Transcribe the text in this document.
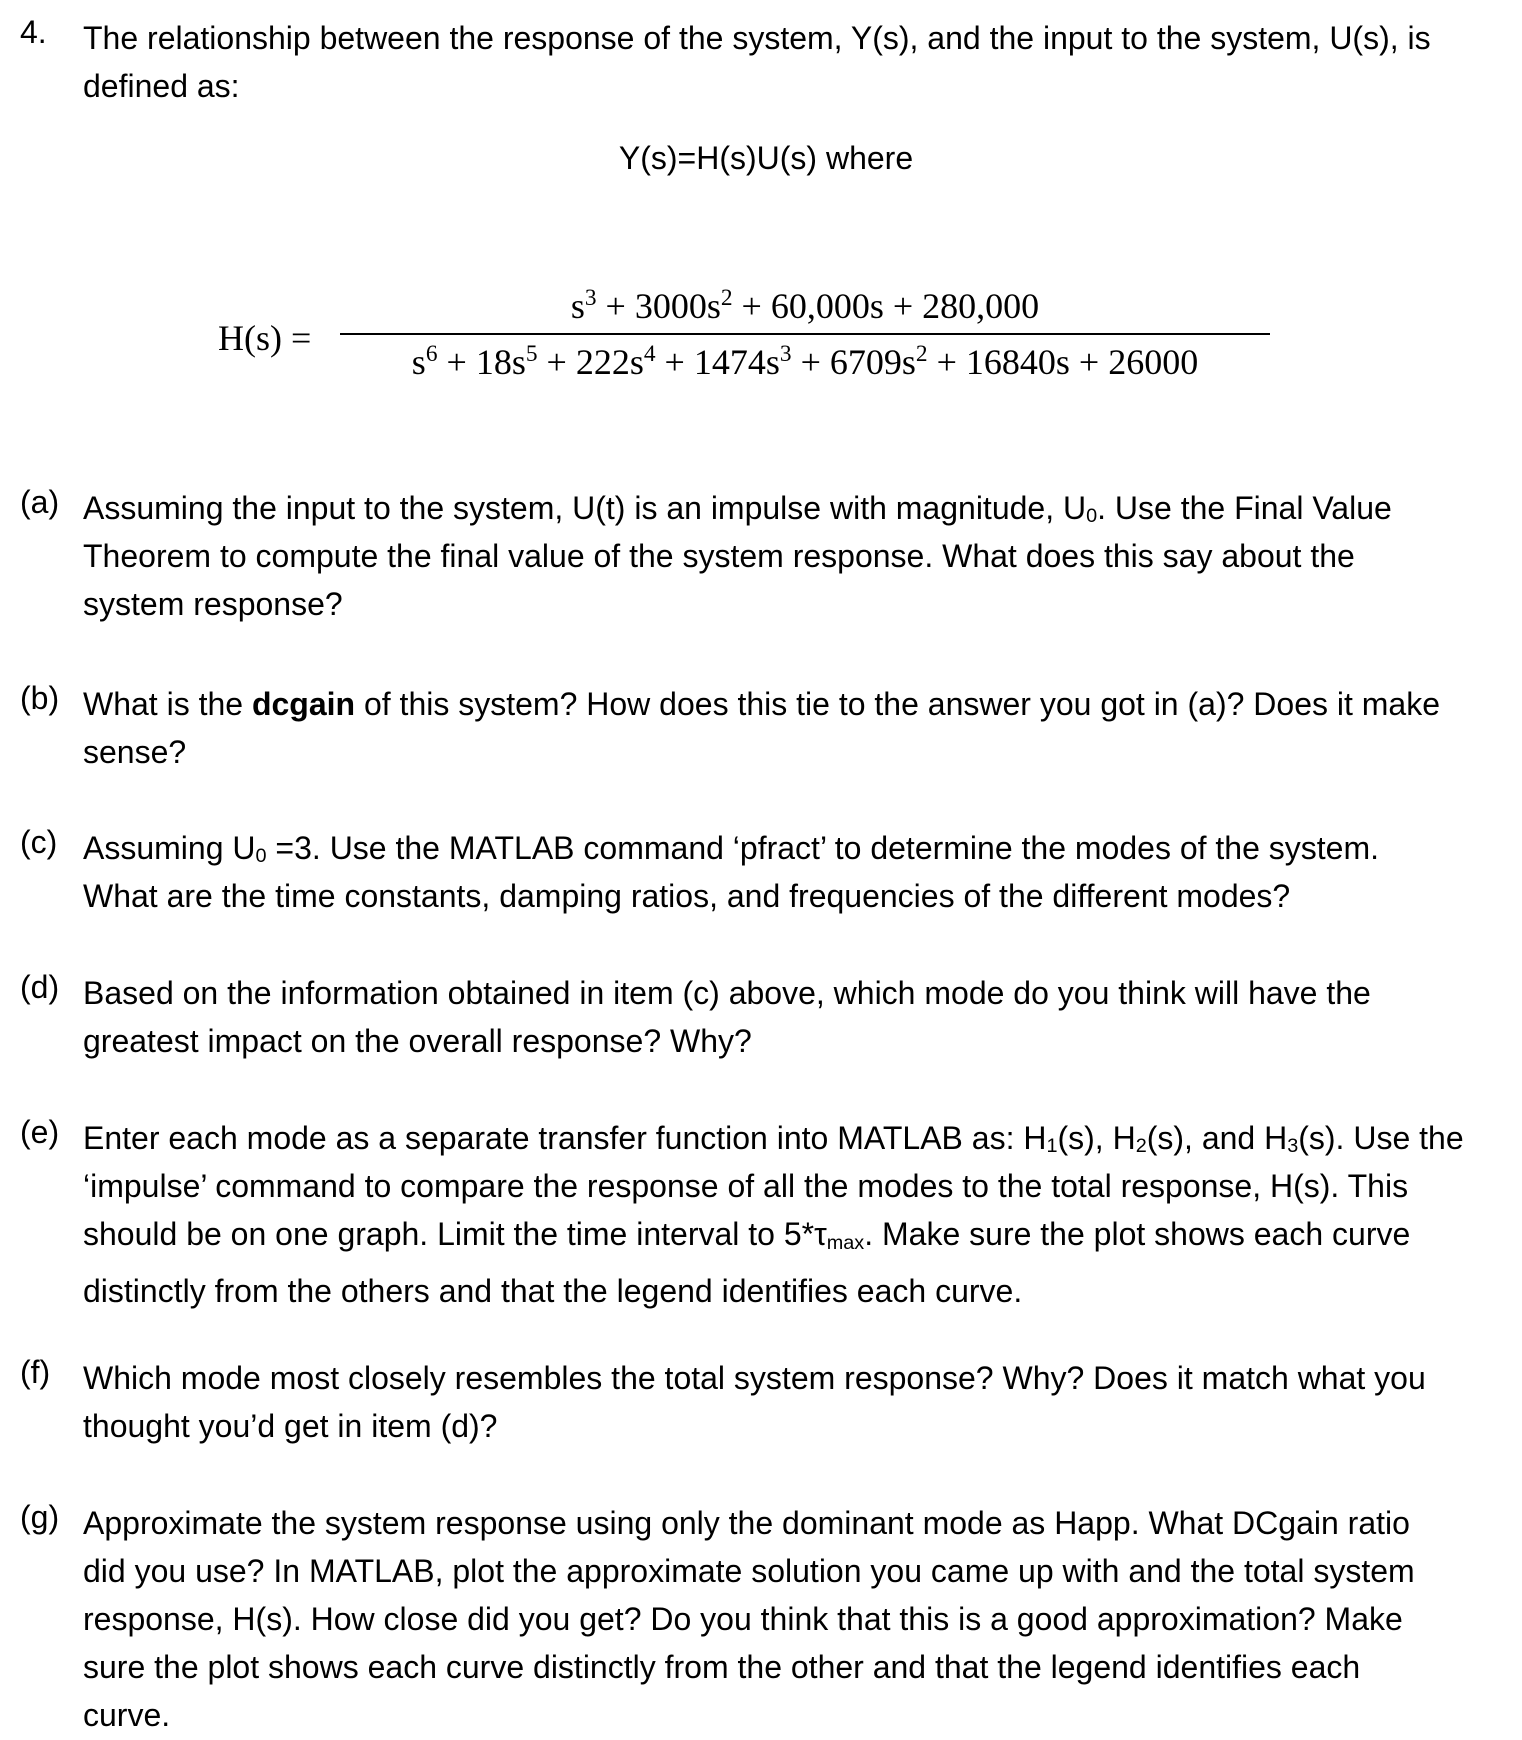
4. The relationship between the response of the system, Y(s), and the input to the system, U(s), is
defined as:
Y(s)=H(s)U(s) where
H(s) =
$s^3 + 3000s^2 + 60,000s + 280,000$
$s^6 + 18s^5 + 222s^4 + 1474s^3 + 6709s^2 + 16840s + 26000$
(a) Assuming the input to the system, U(t) is an impulse with magnitude, $U_0$. Use the Final Value
Theorem to compute the final value of the system response. What does this say about the
system response?
(b) What is the dcgain of this system? How does this tie to the answer you got in (a)? Does it make
sense?
(c) Assuming $U_0 =3$. Use the MATLAB command ‘pfract’ to determine the modes of the system.
What are the time constants, damping ratios, and frequencies of the different modes?
(d) Based on the information obtained in item (c) above, which mode do you think will have the
greatest impact on the overall response? Why?
(e) Enter each mode as a separate transfer function into MATLAB as: $H_1(s)$, $H_2(s)$, and $H_3(s)$. Use the
‘impulse’ command to compare the response of all the modes to the total response, H(s). This
should be on one graph. Limit the time interval to 5*τmax. Make sure the plot shows each curve
distinctly from the others and that the legend identifies each curve.
(f) Which mode most closely resembles the total system response? Why? Does it match what you
thought you’d get in item (d)?
(g) Approximate the system response using only the dominant mode as Happ. What DCgain ratio
did you use? In MATLAB, plot the approximate solution you came up with and the total system
response, H(s). How close did you get? Do you think that this is a good approximation? Make
sure the plot shows each curve distinctly from the other and that the legend identifies each
curve.
